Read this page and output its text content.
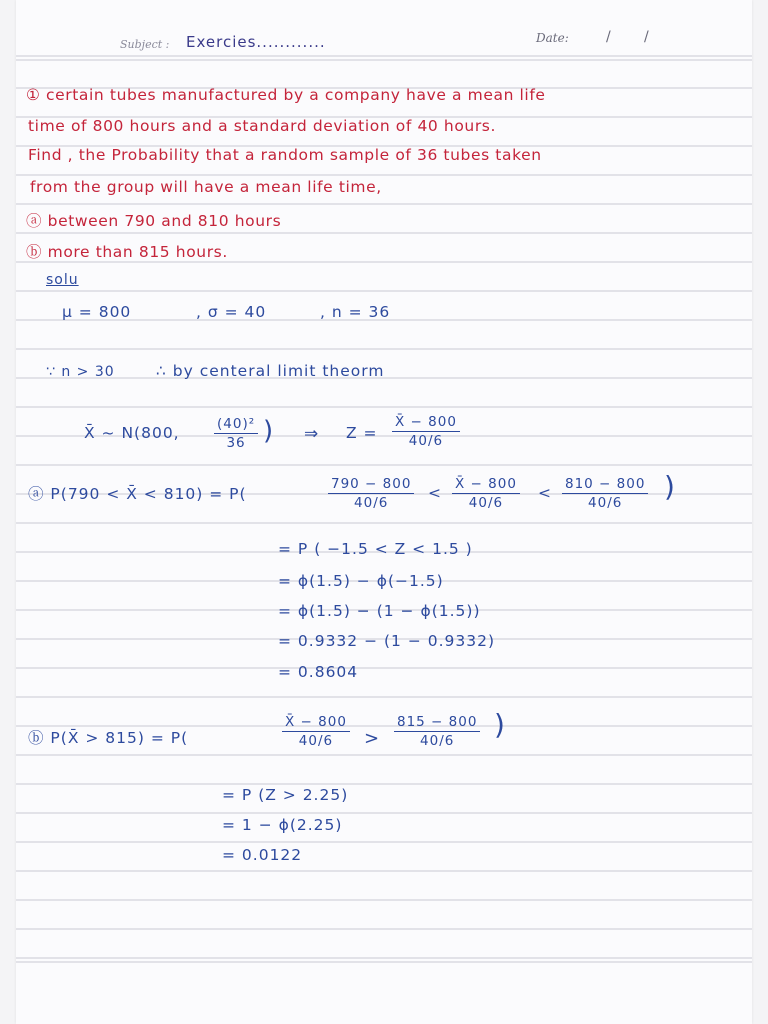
Subject : Exercies............	Date:	/ /
① certain tubes manufactured by a company have a mean life
time of 800 hours and a standard deviation of 40 hours.
Find , the Probability that a random sample of 36 tubes taken
from the group will have a mean life time,
ⓐ between 790 and 810 hours
ⓑ more than 815 hours.
solu
μ = 800	, σ = 40	, n = 36
∵ n > 30	∴ by centeral limit theorm
X̄ ~ N(800,	$\frac{\text{(40)²}}{36}$ ) ⇒ $Z = \frac{X̄ - 800}{40/6}$
ⓐ P(790 < X̄ < 810) = P(	$\frac{790 - 800}{40/6} < \frac{X̄ - 800}{40/6} < \frac{810 - 800}{40/6}$ )
= P ( −1.5 < Z < 1.5 )
= ϕ(1.5) − ϕ(−1.5)
= ϕ(1.5) − (1 − ϕ(1.5))
= 0.9332 − (1 − 0.9332)
= 0.8604
ⓑ P(X̄ > 815) = P(	$\frac{X̄ - 800}{40/6} > \frac{815 - 800}{40/6}$ )
= P (Z > 2.25)
= 1 − ϕ(2.25)
= 0.0122
